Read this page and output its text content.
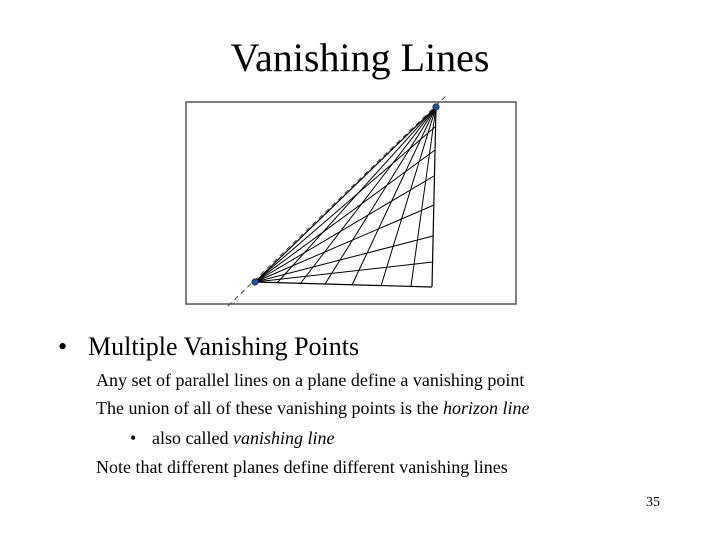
Vanishing Lines
• Multiple Vanishing Points
Any set of parallel lines on a plane define a vanishing point
The union of all of these vanishing points is the horizon line
• also called vanishing line
Note that different planes define different vanishing lines
35
